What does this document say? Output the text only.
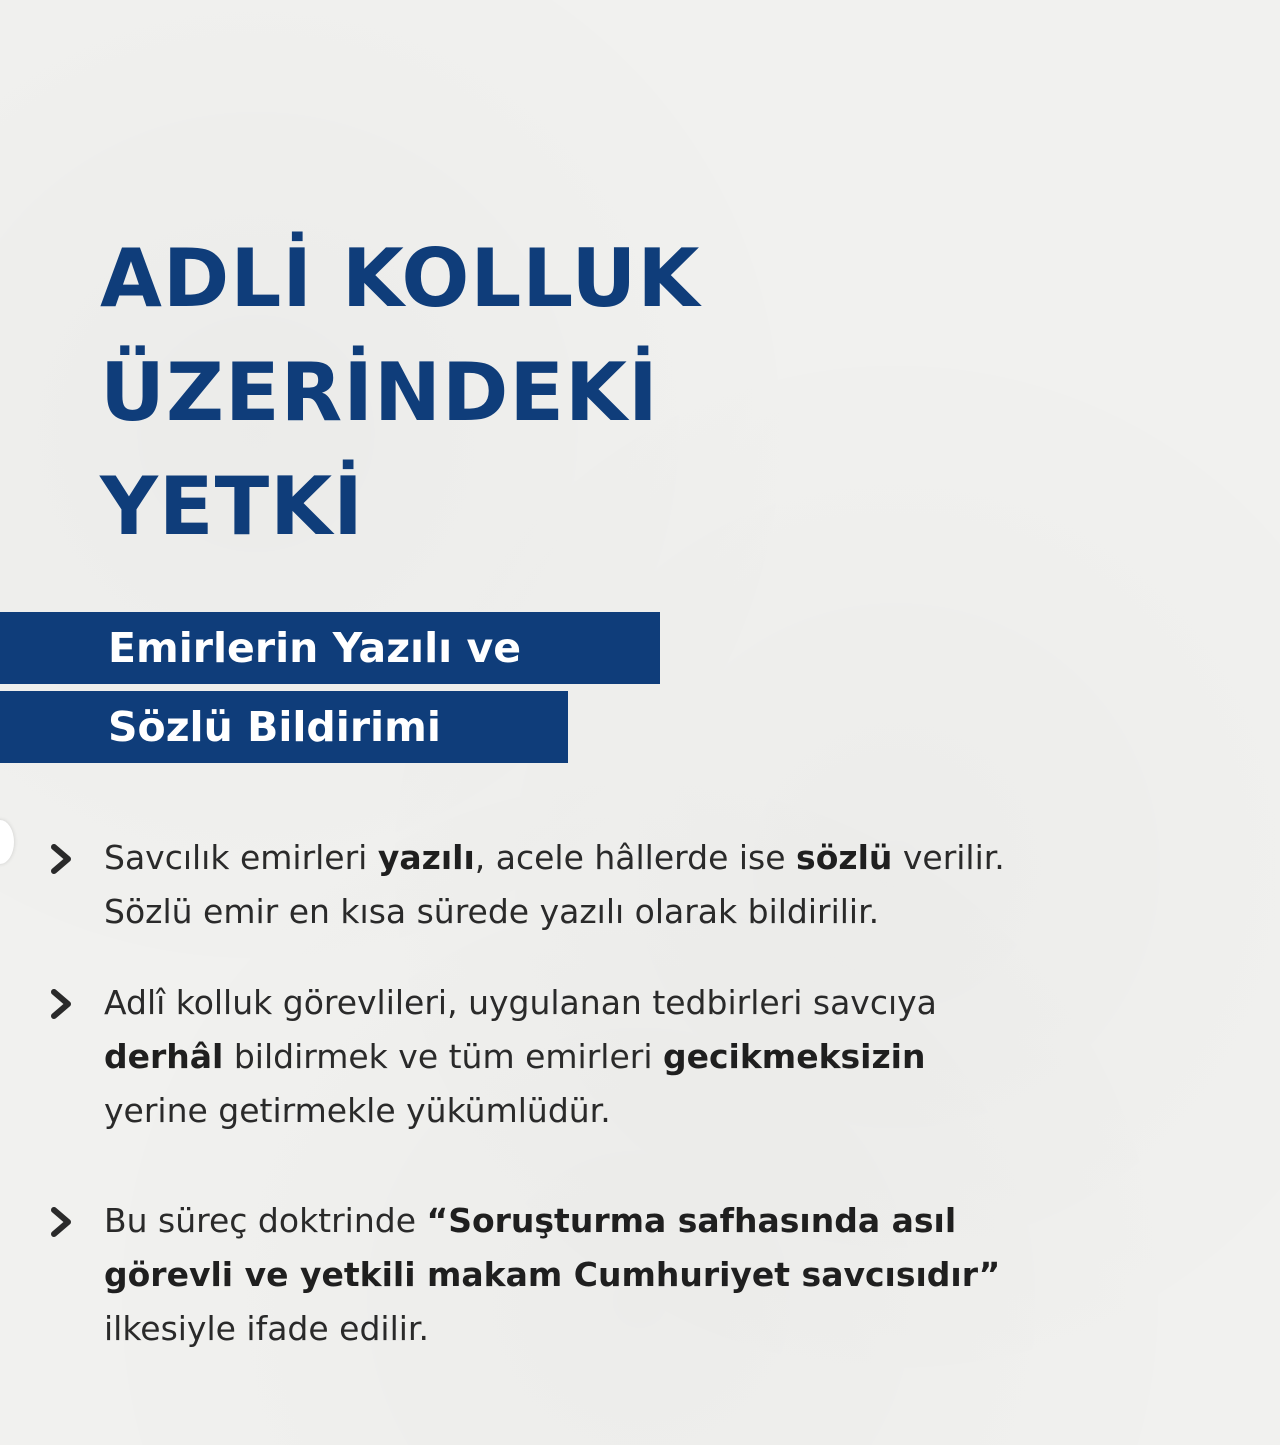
ADLİ KOLLUK
ÜZERİNDEKİ
YETKİ
Emirlerin Yazılı ve
Sözlü Bildirimi
Savcılık emirleri yazılı, acele hâllerde ise sözlü verilir.
Sözlü emir en kısa sürede yazılı olarak bildirilir.
Adlî kolluk görevlileri, uygulanan tedbirleri savcıya
derhâl bildirmek ve tüm emirleri gecikmeksizin
yerine getirmekle yükümlüdür.
Bu süreç doktrinde “Soruşturma safhasında asıl
görevli ve yetkili makam Cumhuriyet savcısıdır”
ilkesiyle ifade edilir.
